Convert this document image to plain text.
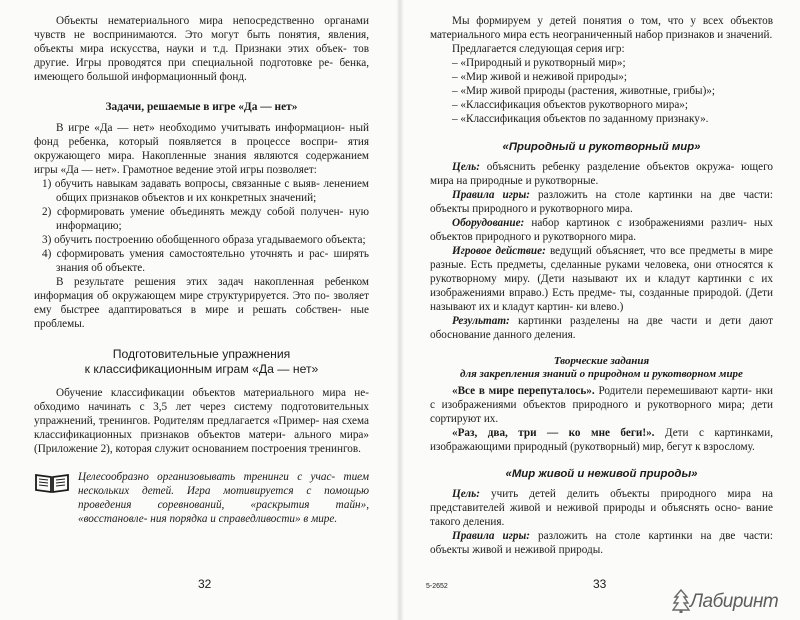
Объекты нематериального мира непосредственно органами чувств не воспринимаются. Это могут быть понятия, явления, объекты мира искусства, науки и т.д. Признаки этих объек- тов другие. Игры проводятся при специальной подготовке ре- бенка, имеющего большой информационный фонд.

Задачи, решаемые в игре «Да — нет»

В игре «Да — нет» необходимо учитывать информацион- ный фонд ребенка, который появляется в процессе воспри- ятия окружающего мира. Накопленные знания являются содержанием игры «Да — нет». Грамотное ведение этой игры позволяет:

1) обучить навыкам задавать вопросы, связанные с выяв- ленением общих признаков объектов и их конкретных значений;

2) сформировать умение объединять между собой получен- ную информацию;

3) обучить построению обобщенного образа угадываемого объекта;

4) сформировать умения самостоятельно уточнять и рас- ширять знания об объекте.

В результате решения этих задач накопленная ребенком информация об окружающем мире структурируется. Это по- зволяет ему быстрее адаптироваться в мире и решать собствен- ные проблемы.

Подготовительные упражнения

к классификационным играм «Да — нет»

Обучение классификации объектов материального мира не- обходимо начинать с 3,5 лет через систему подготовительных упражнений, тренингов. Родителям предлагается «Пример- ная схема классификационных признаков объектов матери- ального мира» (Приложение 2), которая служит основанием построения тренингов.

Целесообразно организовывать тренинги с учас- тием нескольких детей. Игра мотивируется с помощью проведения соревнований, «раскрытия тайн», «восстановле- ния порядка и справедливости» в мире.
32

Мы формируем у детей понятия о том, что у всех объектов материального мира есть неограниченный набор признаков и значений.

Предлагается следующая серия игр:

– «Природный и рукотворный мир»;
– «Мир живой и неживой природы»;
– «Мир живой природы (растения, животные, грибы)»;
– «Классификация объектов рукотворного мира»;
– «Классификация объектов по заданному признаку».

«Природный и рукотворный мир»

Цель: объяснить ребенку разделение объектов окружа- ющего мира на природные и рукотворные.

Правила игры: разложить на столе картинки на две части: объекты природного и рукотворного мира.

Оборудование: набор картинок с изображениями различ- ных объектов природного и рукотворного мира.

Игровое действие: ведущий объясняет, что все предметы в мире разные. Есть предметы, сделанные руками человека, они относятся к рукотворному миру. (Дети называют их и кладут картинки с их изображениями вправо.) Есть предме- ты, созданные природой. (Дети называют их и кладут картин- ки влево.)

Результат: картинки разделены на две части и дети дают обоснование данного деления.

Творческие задания

для закрепления знаний о природном и рукотворном мире

«Все в мире перепуталось». Родители перемешивают карти- нки с изображениями объектов природного и рукотворного мира; дети сортируют их.

«Раз, два, три — ко мне беги!». Дети с картинками, изображающими природный (рукотворный) мир, бегут к взрослому.

«Мир живой и неживой природы»

Цель: учить детей делить объекты природного мира на представителей живой и неживой природы и объяснять осно- вание такого деления.

Правила игры: разложить на столе картинки на две части: объекты живой и неживой природы.

5-2652	33
Лабиринт
